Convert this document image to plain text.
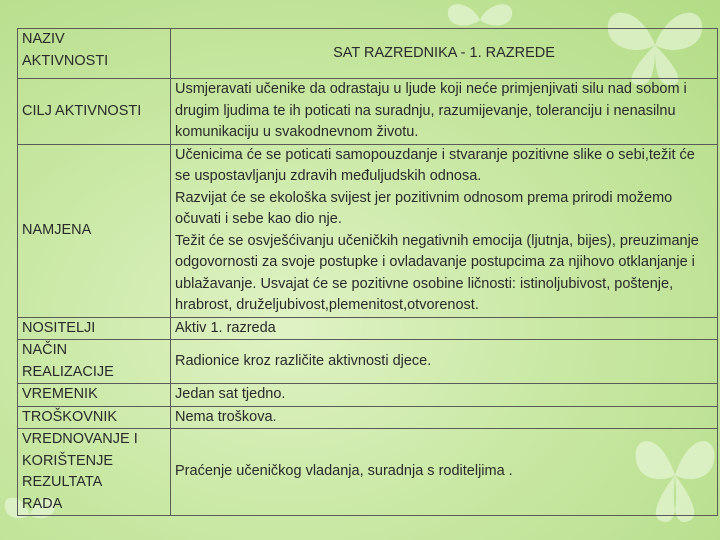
NAZIV
AKTIVNOSTI	SAT RAZREDNIKA - 1. RAZREDE

CILJ AKTIVNOSTI	Usmjeravati učenike da odrastaju u ljude koji neće primjenjivati silu nad sobom i drugim ljudima te ih poticati na suradnju, razumijevanje, toleranciju i nenasilnu komunikaciju u svakodnevnom životu.

NAMJENA	Učenicima će se poticati samopouzdanje i stvaranje pozitivne slike o sebi,težit će se uspostavljanju zdravih međuljudskih odnosa.
Razvijat će se ekološka svijest jer pozitivnim odnosom prema prirodi možemo očuvati i sebe kao dio nje.
Težit će se osvješćivanju učeničkih negativnih emocija (ljutnja, bijes), preuzimanje odgovornosti za svoje postupke i ovladavanje postupcima za njihovo otklanjanje i ublažavanje. Usvajat će se pozitivne osobine ličnosti: istinoljubivost, poštenje, hrabrost, druželjubivost,plemenitost,otvorenost.

NOSITELJI	Aktiv 1. razreda

NAČIN
REALIZACIJE	Radionice kroz različite aktivnosti djece.

VREMENIK	Jedan sat tjedno.

TROŠKOVNIK	Nema troškova.

VREDNOVANJE I
KORIŠTENJE
REZULTATA
RADA	Praćenje učeničkog vladanja, suradnja s roditeljima .
